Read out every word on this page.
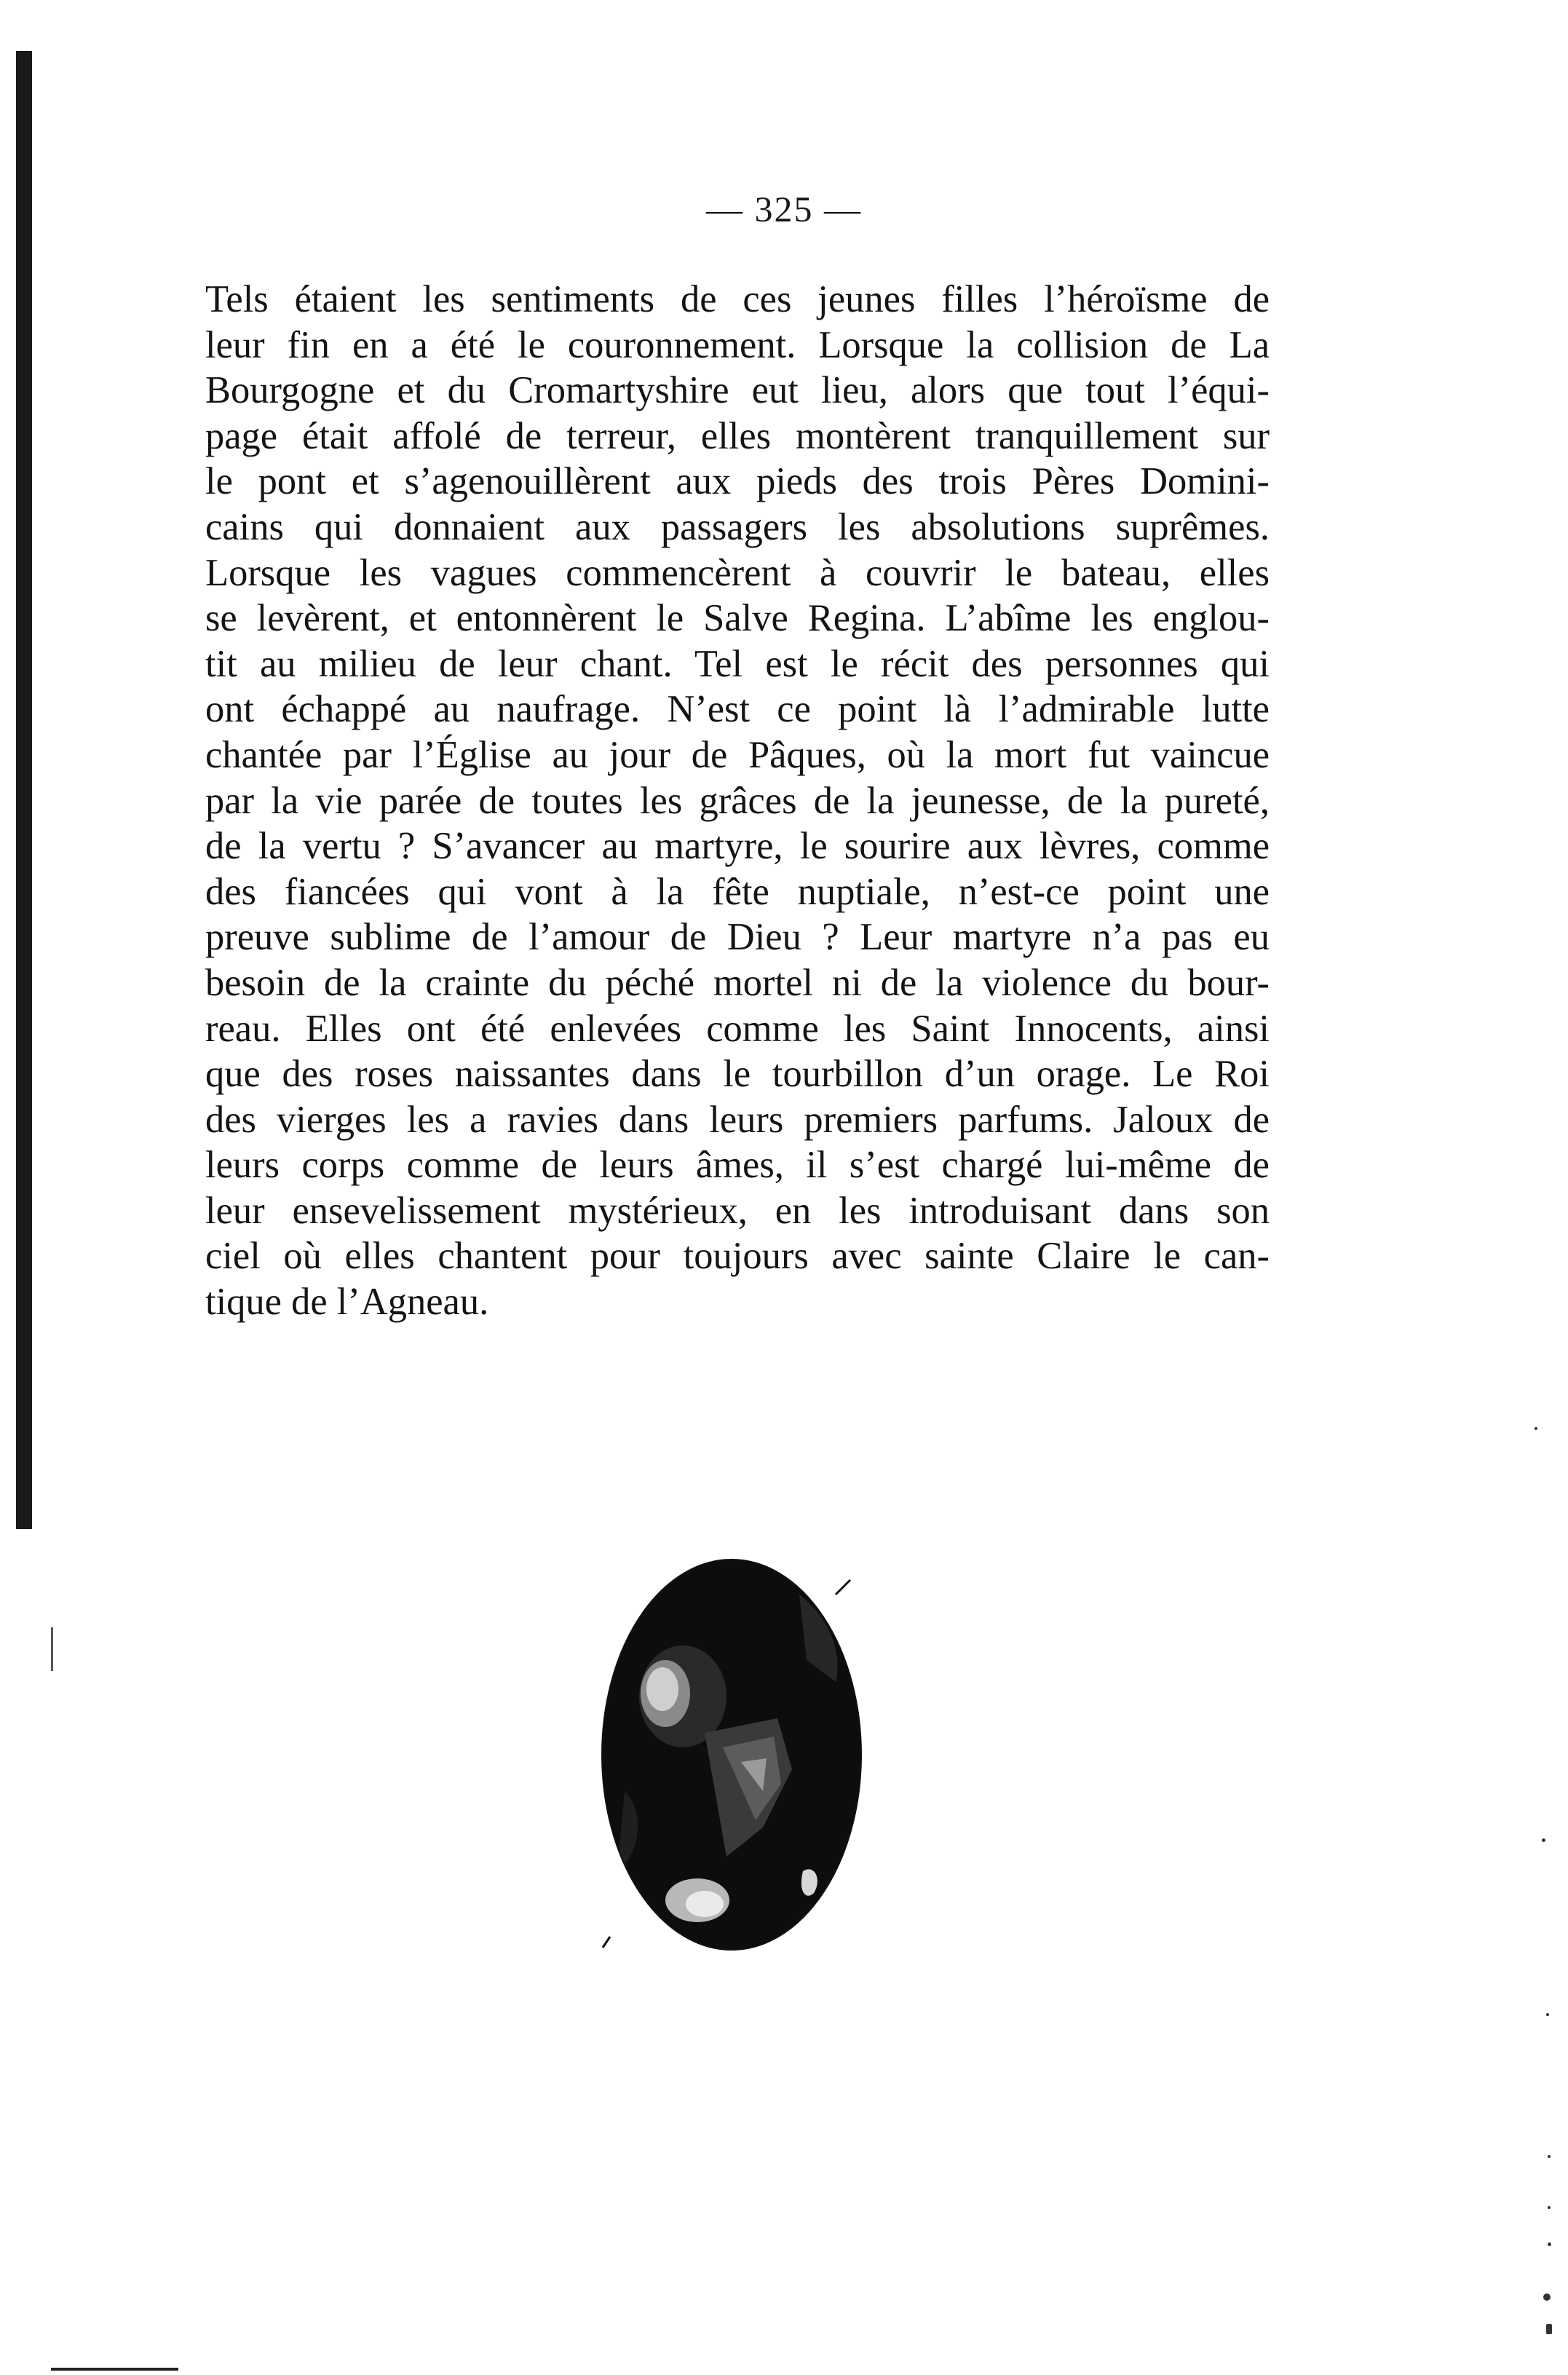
— 325 —
Tels étaient les sentiments de ces jeunes filles l’héroïsme de
leur fin en a été le couronnement. Lorsque la collision de La
Bourgogne et du Cromartyshire eut lieu, alors que tout l’équi-
page était affolé de terreur, elles montèrent tranquillement sur
le pont et s’agenouillèrent aux pieds des trois Pères Domini-
cains qui donnaient aux passagers les absolutions suprêmes.
Lorsque les vagues commencèrent à couvrir le bateau, elles
se levèrent, et entonnèrent le Salve Regina. L’abîme les englou-
tit au milieu de leur chant. Tel est le récit des personnes qui
ont échappé au naufrage. N’est ce point là l’admirable lutte
chantée par l’Église au jour de Pâques, où la mort fut vaincue
par la vie parée de toutes les grâces de la jeunesse, de la pureté,
de la vertu ? S’avancer au martyre, le sourire aux lèvres, comme
des fiancées qui vont à la fête nuptiale, n’est-ce point une
preuve sublime de l’amour de Dieu ? Leur martyre n’a pas eu
besoin de la crainte du péché mortel ni de la violence du bour-
reau. Elles ont été enlevées comme les Saint Innocents, ainsi
que des roses naissantes dans le tourbillon d’un orage. Le Roi
des vierges les a ravies dans leurs premiers parfums. Jaloux de
leurs corps comme de leurs âmes, il s’est chargé lui-même de
leur ensevelissement mystérieux, en les introduisant dans son
ciel où elles chantent pour toujours avec sainte Claire le can-
tique de l’Agneau.
